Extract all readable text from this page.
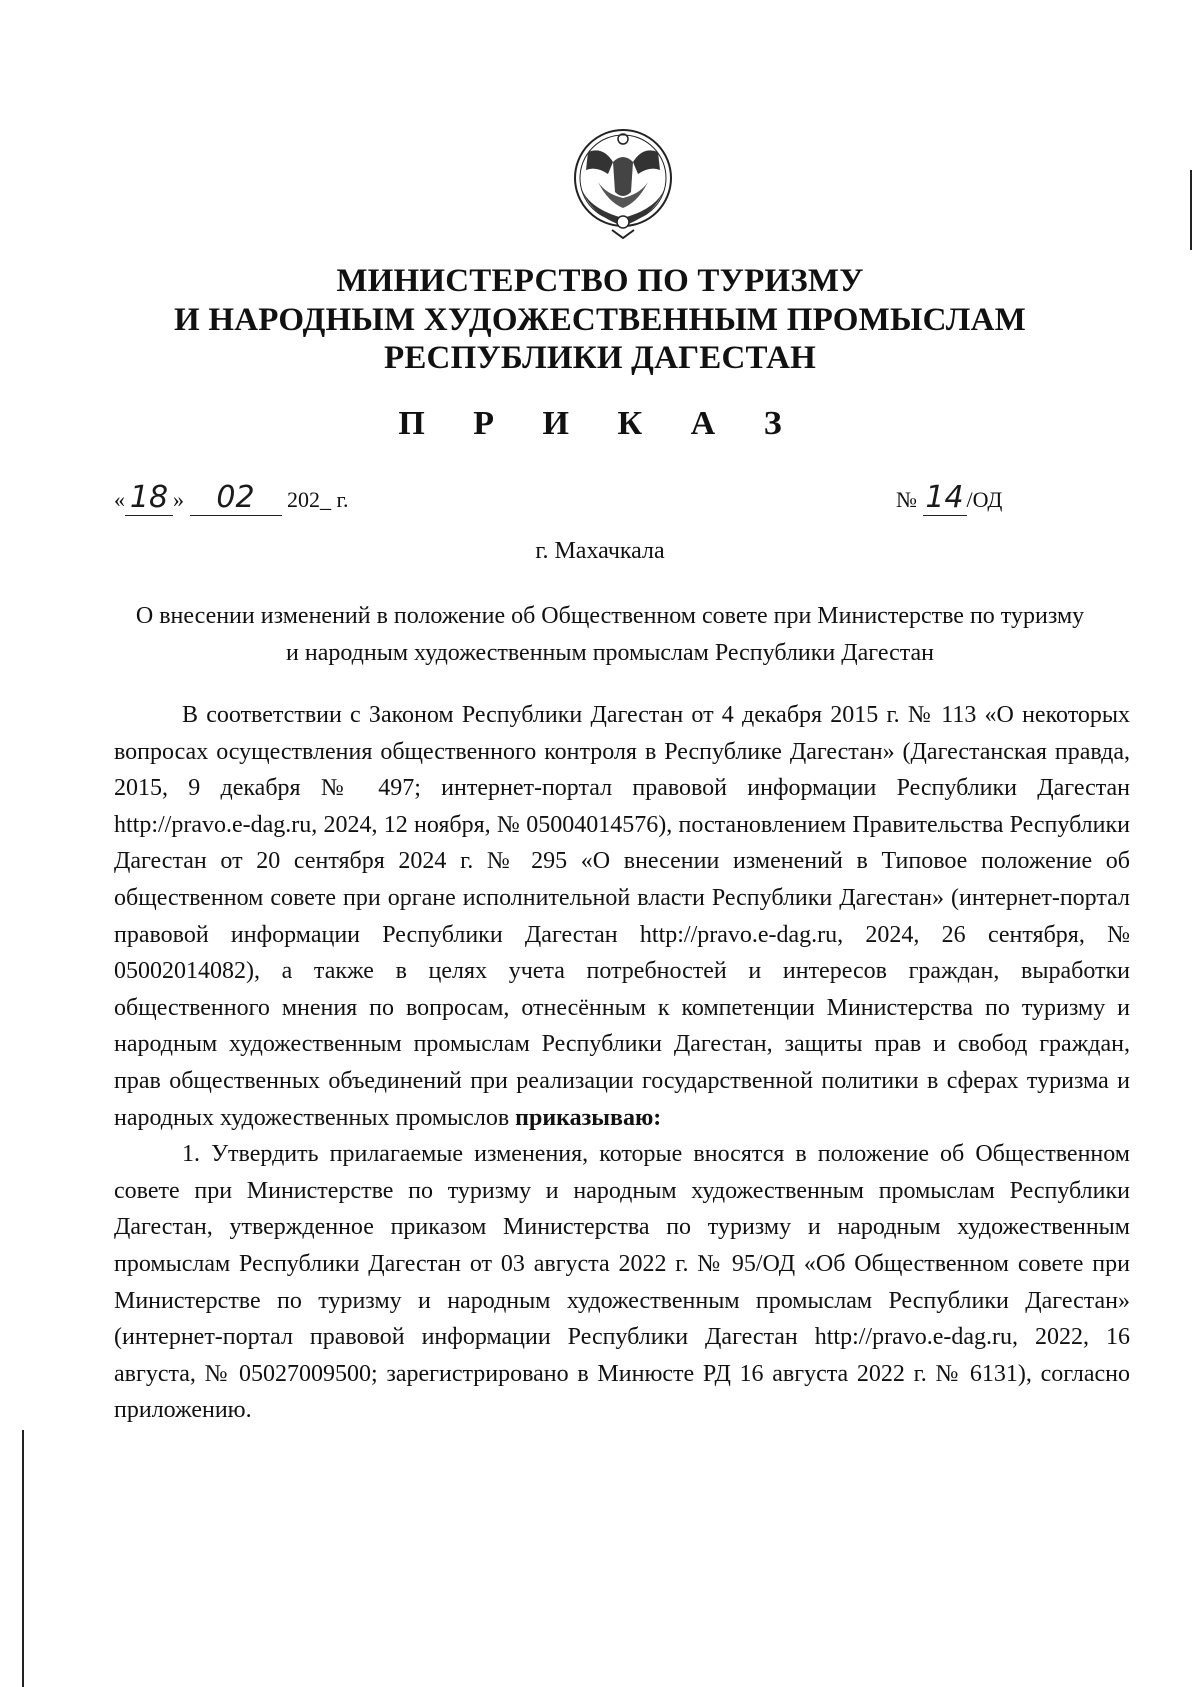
МИНИСТЕРСТВО ПО ТУРИЗМУ
И НАРОДНЫМ ХУДОЖЕСТВЕННЫМ ПРОМЫСЛАМ
РЕСПУБЛИКИ ДАГЕСТАН
П Р И К А З
« 18 » 02 202_ г.	№ 14 /ОД
г. Махачкала
О внесении изменений в положение об Общественном совете при Министерстве по туризму и народным художественным промыслам Республики Дагестан

В соответствии с Законом Республики Дагестан от 4 декабря 2015 г. № 113 «О некоторых вопросах осуществления общественного контроля в Республике Дагестан» (Дагестанская правда, 2015, 9 декабря № 497; интернет-портал правовой информации Республики Дагестан http://pravo.e-dag.ru, 2024, 12 ноября, № 05004014576), постановлением Правительства Республики Дагестан от 20 сентября 2024 г. № 295 «О внесении изменений в Типовое положение об общественном совете при органе исполнительной власти Республики Дагестан» (интернет-портал правовой информации Республики Дагестан http://pravo.e-dag.ru, 2024, 26 сентября, № 05002014082), а также в целях учета потребностей и интересов граждан, выработки общественного мнения по вопросам, отнесённым к компетенции Министерства по туризму и народным художественным промыслам Республики Дагестан, защиты прав и свобод граждан, прав общественных объединений при реализации государственной политики в сферах туризма и народных художественных промыслов приказываю:

1. Утвердить прилагаемые изменения, которые вносятся в положение об Общественном совете при Министерстве по туризму и народным художественным промыслам Республики Дагестан, утвержденное приказом Министерства по туризму и народным художественным промыслам Республики Дагестан от 03 августа 2022 г. № 95/ОД «Об Общественном совете при Министерстве по туризму и народным художественным промыслам Республики Дагестан» (интернет-портал правовой информации Республики Дагестан http://pravo.e-dag.ru, 2022, 16 августа, № 05027009500; зарегистрировано в Минюсте РД 16 августа 2022 г. № 6131), согласно приложению.
